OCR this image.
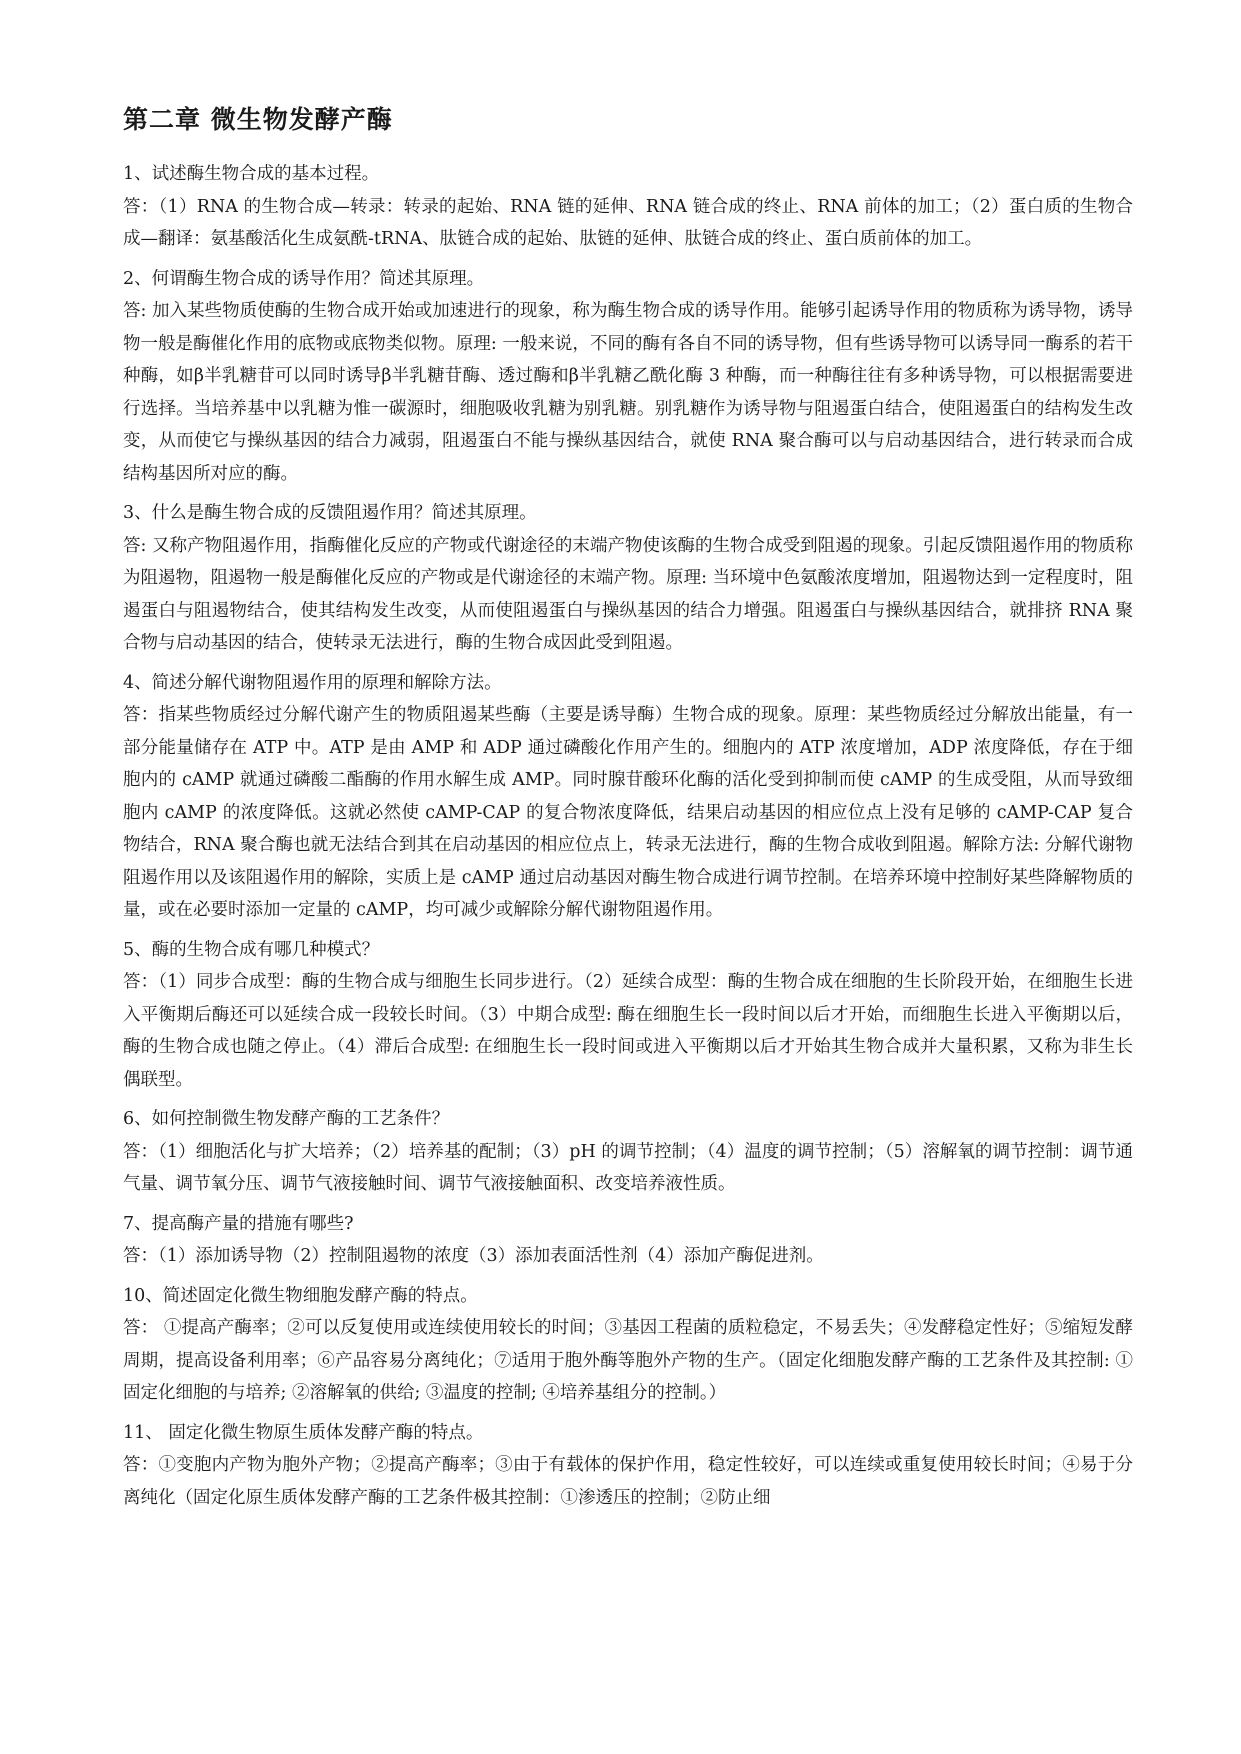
第二章 微生物发酵产酶

1、试述酶生物合成的基本过程。

答：（1）RNA 的生物合成—转录：转录的起始、RNA 链的延伸、RNA 链合成的终止、RNA 前体的加工；（2）蛋白质的生物合成—翻译：氨基酸活化生成氨酰-tRNA、肽链合成的起始、肽链的延伸、肽链合成的终止、蛋白质前体的加工。

2、何谓酶生物合成的诱导作用？简述其原理。

答: 加入某些物质使酶的生物合成开始或加速进行的现象，称为酶生物合成的诱导作用。能够引起诱导作用的物质称为诱导物，诱导物一般是酶催化作用的底物或底物类似物。原理: 一般来说，不同的酶有各自不同的诱导物，但有些诱导物可以诱导同一酶系的若干种酶，如β半乳糖苷可以同时诱导β半乳糖苷酶、透过酶和β半乳糖乙酰化酶 3 种酶，而一种酶往往有多种诱导物，可以根据需要进行选择。当培养基中以乳糖为惟一碳源时，细胞吸收乳糖为别乳糖。别乳糖作为诱导物与阻遏蛋白结合，使阻遏蛋白的结构发生改变，从而使它与操纵基因的结合力减弱，阻遏蛋白不能与操纵基因结合，就使 RNA 聚合酶可以与启动基因结合，进行转录而合成结构基因所对应的酶。

3、什么是酶生物合成的反馈阻遏作用？简述其原理。

答: 又称产物阻遏作用，指酶催化反应的产物或代谢途径的末端产物使该酶的生物合成受到阻遏的现象。引起反馈阻遏作用的物质称为阻遏物，阻遏物一般是酶催化反应的产物或是代谢途径的末端产物。原理: 当环境中色氨酸浓度增加，阻遏物达到一定程度时，阻遏蛋白与阻遏物结合，使其结构发生改变，从而使阻遏蛋白与操纵基因的结合力增强。阻遏蛋白与操纵基因结合，就排挤 RNA 聚合物与启动基因的结合，使转录无法进行，酶的生物合成因此受到阻遏。

4、简述分解代谢物阻遏作用的原理和解除方法。

答：指某些物质经过分解代谢产生的物质阻遏某些酶（主要是诱导酶）生物合成的现象。原理：某些物质经过分解放出能量，有一部分能量储存在 ATP 中。ATP 是由 AMP 和 ADP 通过磷酸化作用产生的。细胞内的 ATP 浓度增加，ADP 浓度降低，存在于细胞内的 cAMP 就通过磷酸二酯酶的作用水解生成 AMP。同时腺苷酸环化酶的活化受到抑制而使 cAMP 的生成受阻，从而导致细胞内 cAMP 的浓度降低。这就必然使 cAMP-CAP 的复合物浓度降低，结果启动基因的相应位点上没有足够的 cAMP-CAP 复合物结合，RNA 聚合酶也就无法结合到其在启动基因的相应位点上，转录无法进行，酶的生物合成收到阻遏。解除方法: 分解代谢物阻遏作用以及该阻遏作用的解除，实质上是 cAMP 通过启动基因对酶生物合成进行调节控制。在培养环境中控制好某些降解物质的量，或在必要时添加一定量的 cAMP，均可减少或解除分解代谢物阻遏作用。

5、酶的生物合成有哪几种模式？

答：（1）同步合成型：酶的生物合成与细胞生长同步进行。（2）延续合成型：酶的生物合成在细胞的生长阶段开始，在细胞生长进入平衡期后酶还可以延续合成一段较长时间。（3）中期合成型: 酶在细胞生长一段时间以后才开始，而细胞生长进入平衡期以后，酶的生物合成也随之停止。（4）滞后合成型: 在细胞生长一段时间或进入平衡期以后才开始其生物合成并大量积累，又称为非生长偶联型。

6、如何控制微生物发酵产酶的工艺条件？

答：（1）细胞活化与扩大培养；（2）培养基的配制；（3）pH 的调节控制；（4）温度的调节控制；（5）溶解氧的调节控制：调节通气量、调节氧分压、调节气液接触时间、调节气液接触面积、改变培养液性质。

7、提高酶产量的措施有哪些?

答：（1）添加诱导物（2）控制阻遏物的浓度（3）添加表面活性剂（4）添加产酶促进剂。

10、简述固定化微生物细胞发酵产酶的特点。

答： ①提高产酶率；②可以反复使用或连续使用较长的时间；③基因工程菌的质粒稳定，不易丢失；④发酵稳定性好；⑤缩短发酵周期，提高设备利用率；⑥产品容易分离纯化；⑦适用于胞外酶等胞外产物的生产。（固定化细胞发酵产酶的工艺条件及其控制: ①固定化细胞的与培养; ②溶解氧的供给; ③温度的控制; ④培养基组分的控制。）

11、 固定化微生物原生质体发酵产酶的特点。

答：①变胞内产物为胞外产物；②提高产酶率；③由于有载体的保护作用，稳定性较好，可以连续或重复使用较长时间；④易于分离纯化（固定化原生质体发酵产酶的工艺条件极其控制：①渗透压的控制；②防止细
